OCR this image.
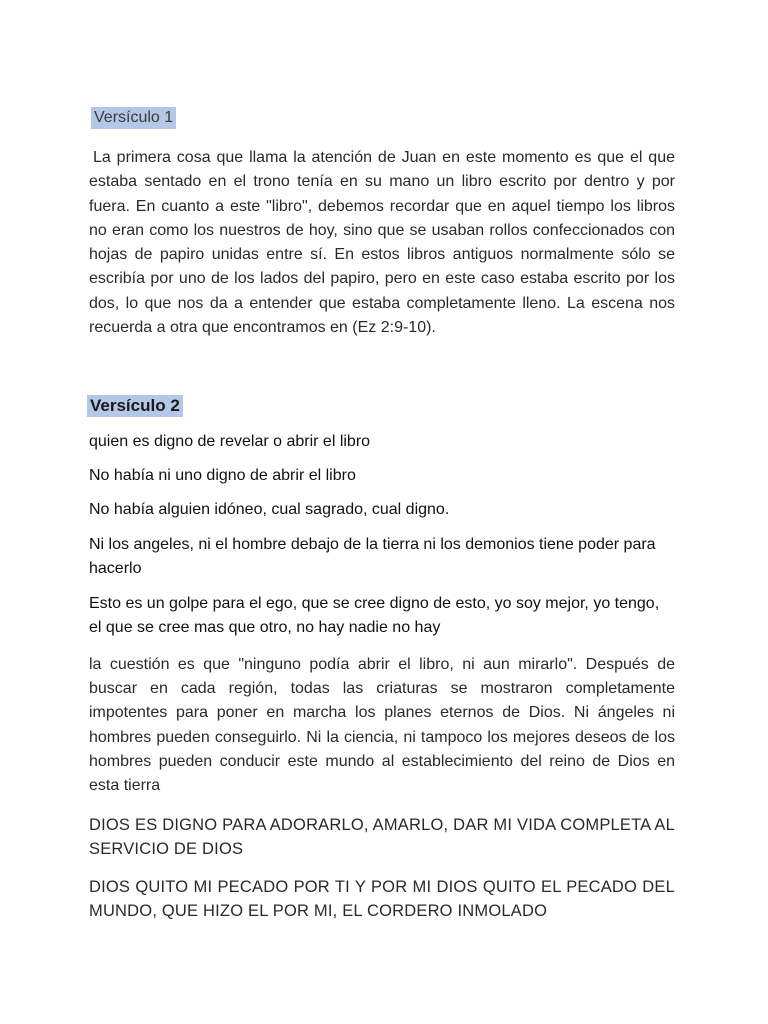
Versículo 1
La primera cosa que llama la atención de Juan en este momento es que el que estaba sentado en el trono tenía en su mano un libro escrito por dentro y por fuera. En cuanto a este "libro", debemos recordar que en aquel tiempo los libros no eran como los nuestros de hoy, sino que se usaban rollos confeccionados con hojas de papiro unidas entre sí. En estos libros antiguos normalmente sólo se escribía por uno de los lados del papiro, pero en este caso estaba escrito por los dos, lo que nos da a entender que estaba completamente lleno. La escena nos recuerda a otra que encontramos en (Ez 2:9-10).
Versículo 2
quien es digno de revelar o abrir el libro
No había ni uno digno de abrir el libro
No había alguien idóneo, cual sagrado, cual digno.
Ni los angeles, ni el hombre debajo de la tierra ni los demonios tiene poder para hacerlo
Esto es un golpe para el ego, que se cree digno de esto, yo soy mejor, yo tengo, el que se cree mas que otro, no hay nadie no hay
la cuestión es que "ninguno podía abrir el libro, ni aun mirarlo". Después de buscar en cada región, todas las criaturas se mostraron completamente impotentes para poner en marcha los planes eternos de Dios. Ni ángeles ni hombres pueden conseguirlo. Ni la ciencia, ni tampoco los mejores deseos de los hombres pueden conducir este mundo al establecimiento del reino de Dios en esta tierra
DIOS ES DIGNO PARA ADORARLO, AMARLO, DAR MI VIDA COMPLETA AL SERVICIO DE DIOS
DIOS QUITO MI PECADO POR TI Y POR MI DIOS QUITO EL PECADO DEL MUNDO, QUE HIZO EL POR MI, EL CORDERO INMOLADO
